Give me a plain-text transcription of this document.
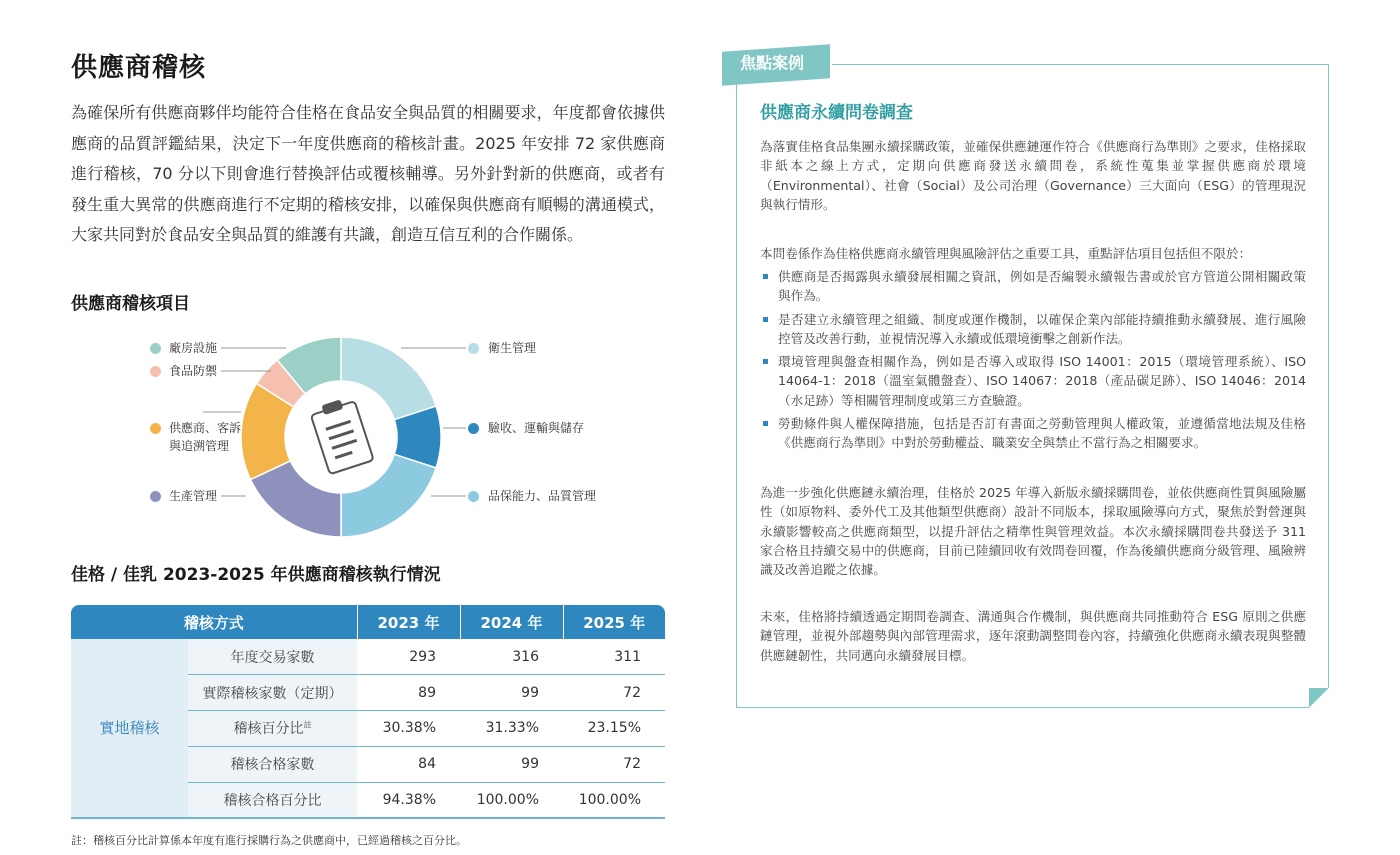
供應商稽核

為確保所有供應商夥伴均能符合佳格在食品安全與品質的相關要求，年度都會依據供應商的品質評鑑結果，決定下一年度供應商的稽核計畫。2025 年安排 72 家供應商進行稽核，70 分以下則會進行替換評估或覆核輔導。另外針對新的供應商，或者有發生重大異常的供應商進行不定期的稽核安排，以確保與供應商有順暢的溝通模式，大家共同對於食品安全與品質的維護有共識，創造互信互利的合作關係。

供應商稽核項目
廠房設施
食品防禦
供應商、客訴
與追溯管理
生產管理
衛生管理
驗收、運輸與儲存
品保能力、品質管理
佳格 / 佳乳 2023-2025 年供應商稽核執行情況
稽核方式		2023 年	2024 年	2025 年
實地稽核	年度交易家數	293	316	311
	實際稽核家數（定期）	89	99	72
	稽核百分比$^註$	30.38%	31.33%	23.15%
	稽核合格家數	84	99	72
	稽核合格百分比	94.38%	100.00%	100.00%
註：稽核百分比計算係本年度有進行採購行為之供應商中，已經過稽核之百分比。
焦點案例
供應商永續問卷調查

為落實佳格食品集團永續採購政策，並確保供應鏈運作符合《供應商行為準則》之要求，佳格採取非紙本之線上方式，定期向供應商發送永續問卷，系統性蒐集並掌握供應商於環境（Environmental）、社會（Social）及公司治理（Governance）三大面向（ESG）的管理現況與執行情形。

本問卷係作為佳格供應商永續管理與風險評估之重要工具，重點評估項目包括但不限於：

供應商是否揭露與永續發展相關之資訊，例如是否編製永續報告書或於官方管道公開相關政策與作為。
是否建立永續管理之組織、制度或運作機制，以確保企業內部能持續推動永續發展、進行風險控管及改善行動，並視情況導入永續或低環境衝擊之創新作法。
環境管理與盤查相關作為，例如是否導入或取得 ISO 14001：2015（環境管理系統）、ISO 14064-1：2018（溫室氣體盤查）、ISO 14067：2018（產品碳足跡）、ISO 14046：2014（水足跡）等相關管理制度或第三方查驗證。
勞動條件與人權保障措施，包括是否訂有書面之勞動管理與人權政策，並遵循當地法規及佳格《供應商行為準則》中對於勞動權益、職業安全與禁止不當行為之相關要求。

為進一步強化供應鏈永續治理，佳格於 2025 年導入新版永續採購問卷，並依供應商性質與風險屬性（如原物料、委外代工及其他類型供應商）設計不同版本，採取風險導向方式，聚焦於對營運與永續影響較高之供應商類型，以提升評估之精準性與管理效益。本次永續採購問卷共發送予 311 家合格且持續交易中的供應商，目前已陸續回收有效問卷回覆，作為後續供應商分級管理、風險辨識及改善追蹤之依據。

未來，佳格將持續透過定期問卷調查、溝通與合作機制，與供應商共同推動符合 ESG 原則之供應鏈管理，並視外部趨勢與內部管理需求，逐年滾動調整問卷內容，持續強化供應商永續表現與整體供應鏈韌性，共同邁向永續發展目標。
